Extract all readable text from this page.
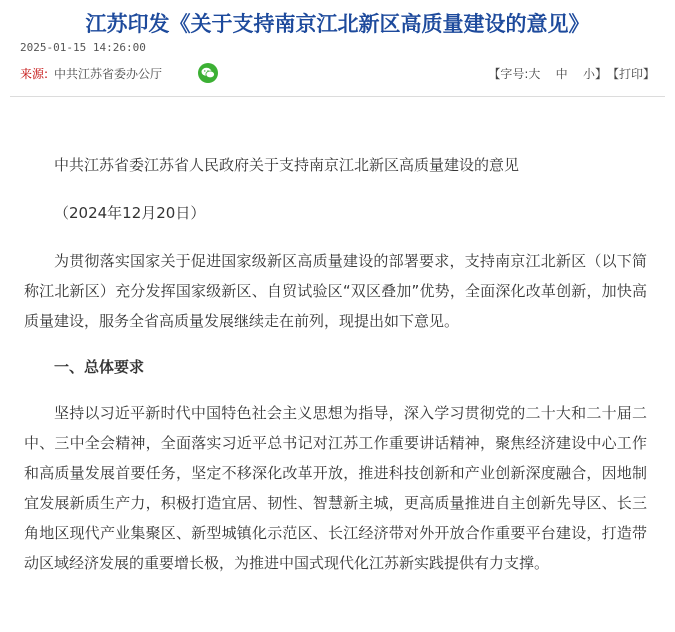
江苏印发《关于支持南京江北新区高质量建设的意见》
2025-01-15 14:26:00
来源: 中共江苏省委办公厅	【字号: 大
中
小 】 【打印】

中共江苏省委江苏省人民政府关于支持南京江北新区高质量建设的意见

（2024年12月20日）

为贯彻落实国家关于促进国家级新区高质量建设的部署要求，支持南京江北新区（以下简称江北新区）充分发挥国家级新区、自贸试验区“双区叠加”优势，全面深化改革创新，加快高质量建设，服务全省高质量发展继续走在前列，现提出如下意见。

一、总体要求

坚持以习近平新时代中国特色社会主义思想为指导，深入学习贯彻党的二十大和二十届二中、三中全会精神，全面落实习近平总书记对江苏工作重要讲话精神，聚焦经济建设中心工作和高质量发展首要任务，坚定不移深化改革开放，推进科技创新和产业创新深度融合，因地制宜发展新质生产力，积极打造宜居、韧性、智慧新主城，更高质量推进自主创新先导区、长三角地区现代产业集聚区、新型城镇化示范区、长江经济带对外开放合作重要平台建设，打造带动区域经济发展的重要增长极，为推进中国式现代化江苏新实践提供有力支撑。
